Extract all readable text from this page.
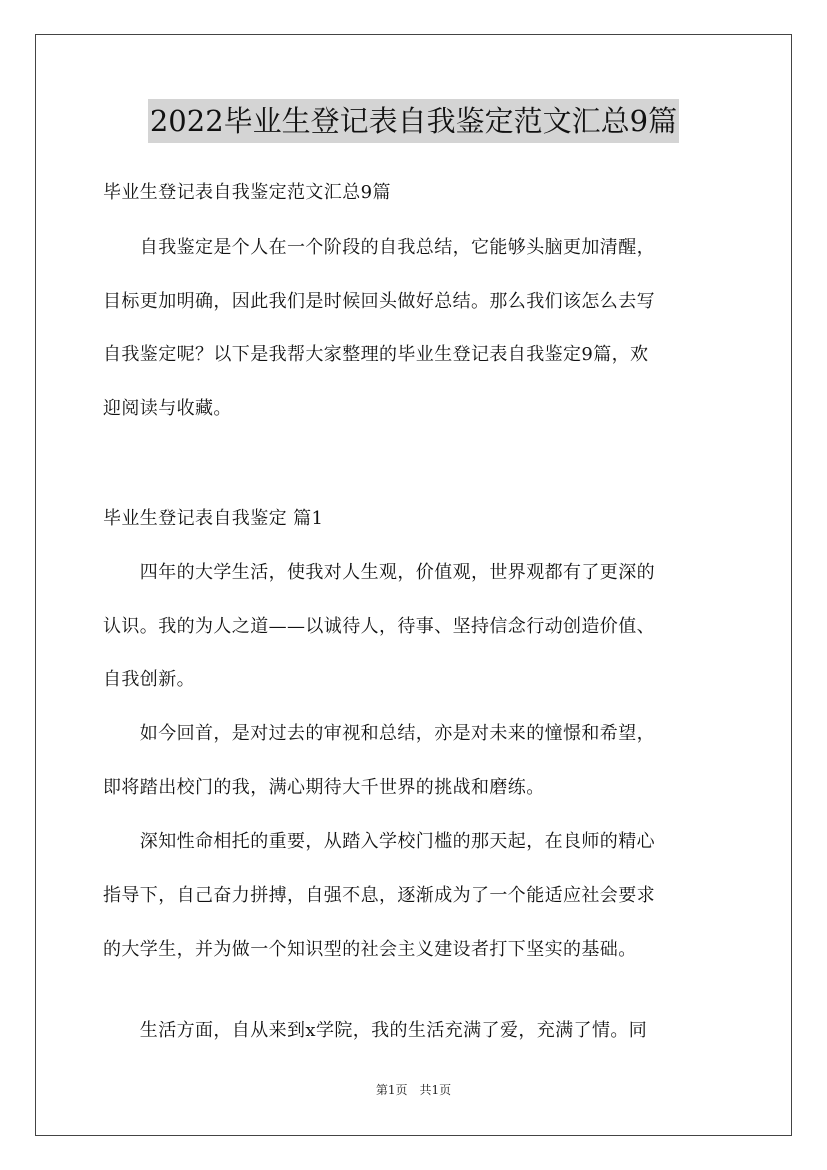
2022毕业生登记表自我鉴定范文汇总9篇
毕业生登记表自我鉴定范文汇总9篇
　　自我鉴定是个人在一个阶段的自我总结，它能够头脑更加清醒，
目标更加明确，因此我们是时候回头做好总结。那么我们该怎么去写
自我鉴定呢？以下是我帮大家整理的毕业生登记表自我鉴定9篇，欢
迎阅读与收藏。
毕业生登记表自我鉴定 篇1
　　四年的大学生活，使我对人生观，价值观，世界观都有了更深的
认识。我的为人之道——以诚待人，待事、坚持信念行动创造价值、
自我创新。
　　如今回首，是对过去的审视和总结，亦是对未来的憧憬和希望，
即将踏出校门的我，满心期待大千世界的挑战和磨练。
　　深知性命相托的重要，从踏入学校门槛的那天起，在良师的精心
指导下，自己奋力拼搏，自强不息，逐渐成为了一个能适应社会要求
的大学生，并为做一个知识型的社会主义建设者打下坚实的基础。
　　生活方面，自从来到x学院，我的生活充满了爱，充满了情。同
第1页　共1页
